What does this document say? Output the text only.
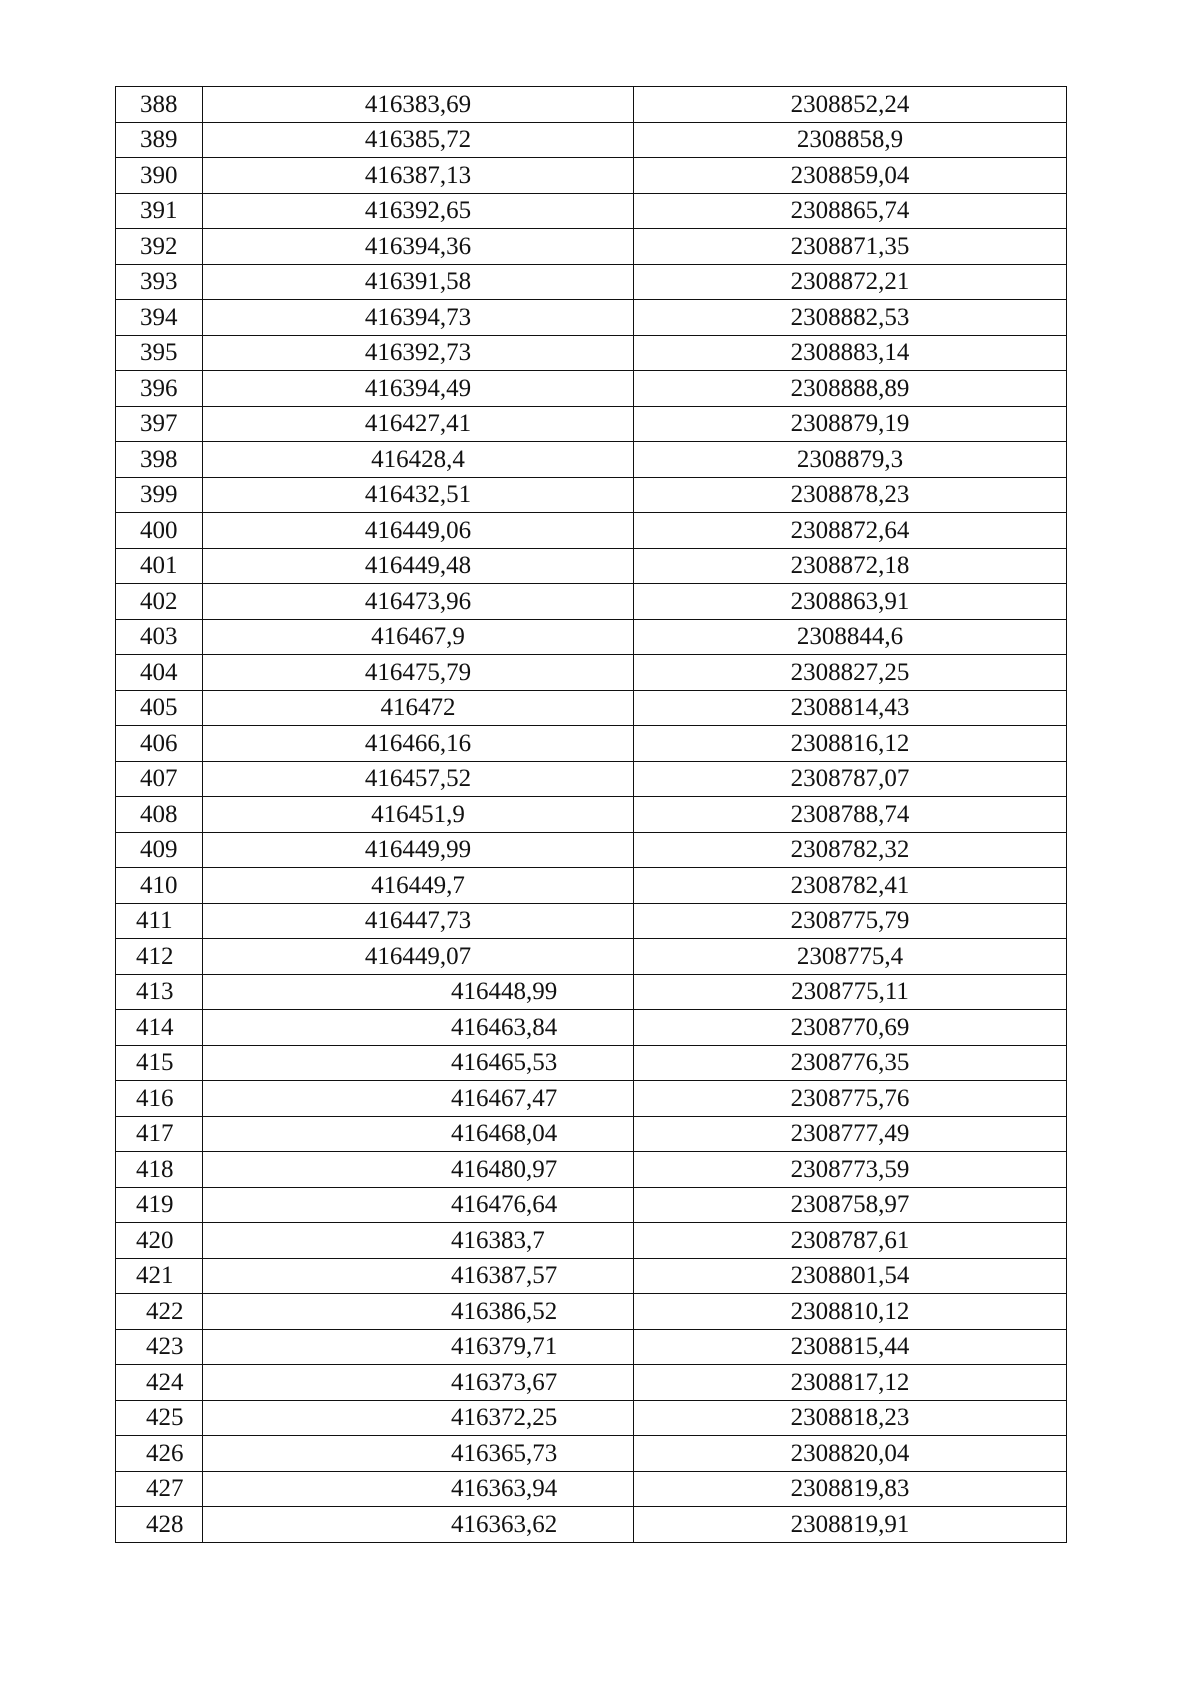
388	416383,69	2308852,24
389	416385,72	2308858,9
390	416387,13	2308859,04
391	416392,65	2308865,74
392	416394,36	2308871,35
393	416391,58	2308872,21
394	416394,73	2308882,53
395	416392,73	2308883,14
396	416394,49	2308888,89
397	416427,41	2308879,19
398	416428,4	2308879,3
399	416432,51	2308878,23
400	416449,06	2308872,64
401	416449,48	2308872,18
402	416473,96	2308863,91
403	416467,9	2308844,6
404	416475,79	2308827,25
405	416472	2308814,43
406	416466,16	2308816,12
407	416457,52	2308787,07
408	416451,9	2308788,74
409	416449,99	2308782,32
410	416449,7	2308782,41
411	416447,73	2308775,79
412	416449,07	2308775,4
413	416448,99	2308775,11
414	416463,84	2308770,69
415	416465,53	2308776,35
416	416467,47	2308775,76
417	416468,04	2308777,49
418	416480,97	2308773,59
419	416476,64	2308758,97
420	416383,7	2308787,61
421	416387,57	2308801,54
422	416386,52	2308810,12
423	416379,71	2308815,44
424	416373,67	2308817,12
425	416372,25	2308818,23
426	416365,73	2308820,04
427	416363,94	2308819,83
428	416363,62	2308819,91
